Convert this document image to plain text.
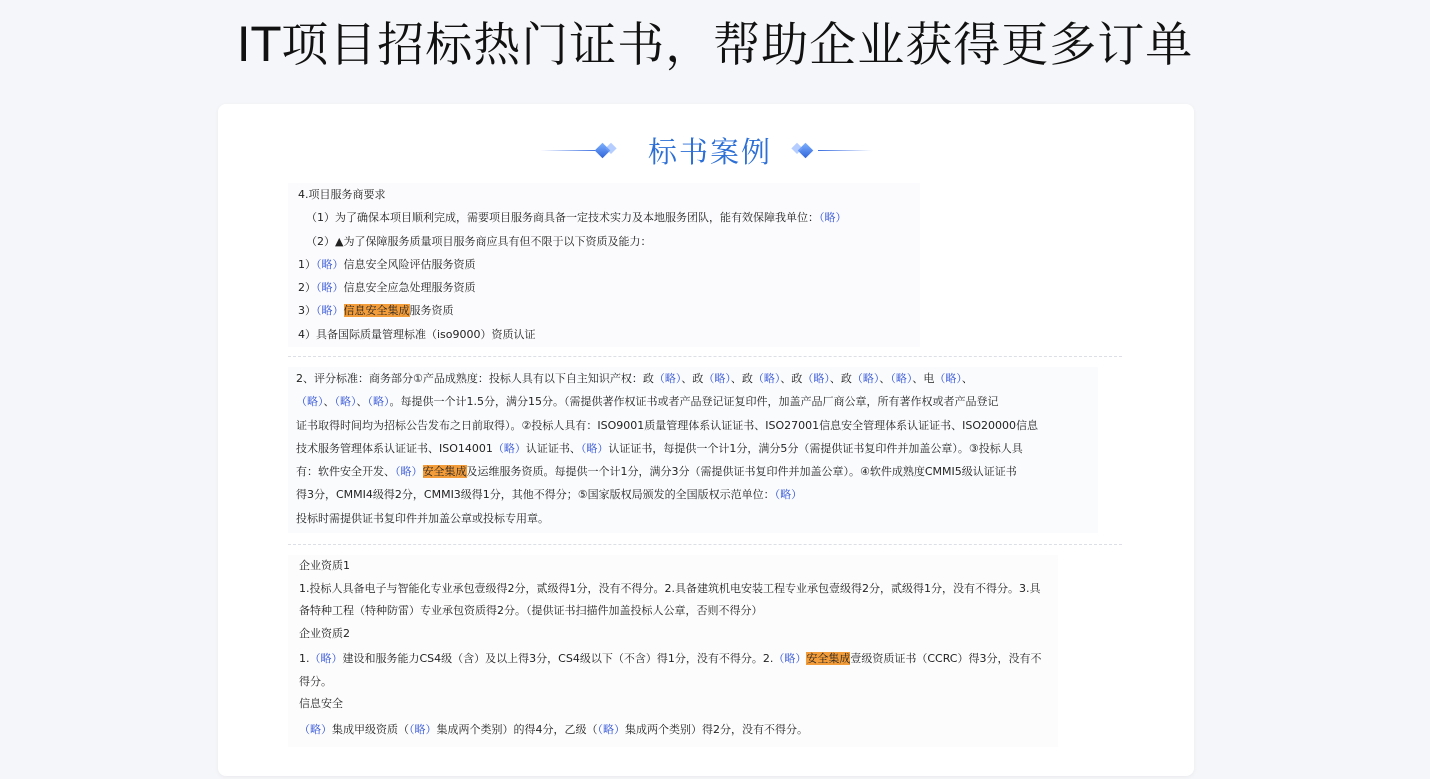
IT项目招标热门证书，帮助企业获得更多订单
标书案例
4.项目服务商要求
（1）为了确保本项目顺利完成，需要项目服务商具备一定技术实力及本地服务团队，能有效保障我单位：（略）
（2）▲为了保障服务质量项目服务商应具有但不限于以下资质及能力：
1）（略）信息安全风险评估服务资质
2）（略）信息安全应急处理服务资质
3）（略）信息安全集成服务资质
4）具备国际质量管理标准（iso9000）资质认证
2、评分标准：商务部分①产品成熟度：投标人具有以下自主知识产权：政（略）、政（略）、政（略）、政（略）、政（略）、（略）、电（略）、
（略）、（略）、（略）。每提供一个计1.5分，满分15分。（需提供著作权证书或者产品登记证复印件，加盖产品厂商公章，所有著作权或者产品登记
证书取得时间均为招标公告发布之日前取得）。②投标人具有：ISO9001质量管理体系认证证书、ISO27001信息安全管理体系认证证书、ISO20000信息
技术服务管理体系认证证书、ISO14001（略）认证证书、（略）认证证书，每提供一个计1分，满分5分（需提供证书复印件并加盖公章）。③投标人具
有：软件安全开发、（略）安全集成及运维服务资质。每提供一个计1分，满分3分（需提供证书复印件并加盖公章）。④软件成熟度CMMI5级认证证书
得3分，CMMI4级得2分，CMMI3级得1分，其他不得分；⑤国家版权局颁发的全国版权示范单位：（略）
投标时需提供证书复印件并加盖公章或投标专用章。
企业资质1
1.投标人具备电子与智能化专业承包壹级得2分，贰级得1分，没有不得分。2.具备建筑机电安装工程专业承包壹级得2分，贰级得1分，没有不得分。3.具
备特种工程（特种防雷）专业承包资质得2分。（提供证书扫描件加盖投标人公章，否则不得分）
企业资质2
1.（略）建设和服务能力CS4级（含）及以上得3分，CS4级以下（不含）得1分，没有不得分。2.（略）安全集成壹级资质证书（CCRC）得3分，没有不
得分。
信息安全
（略）集成甲级资质（（略）集成两个类别）的得4分，乙级（（略）集成两个类别）得2分，没有不得分。
